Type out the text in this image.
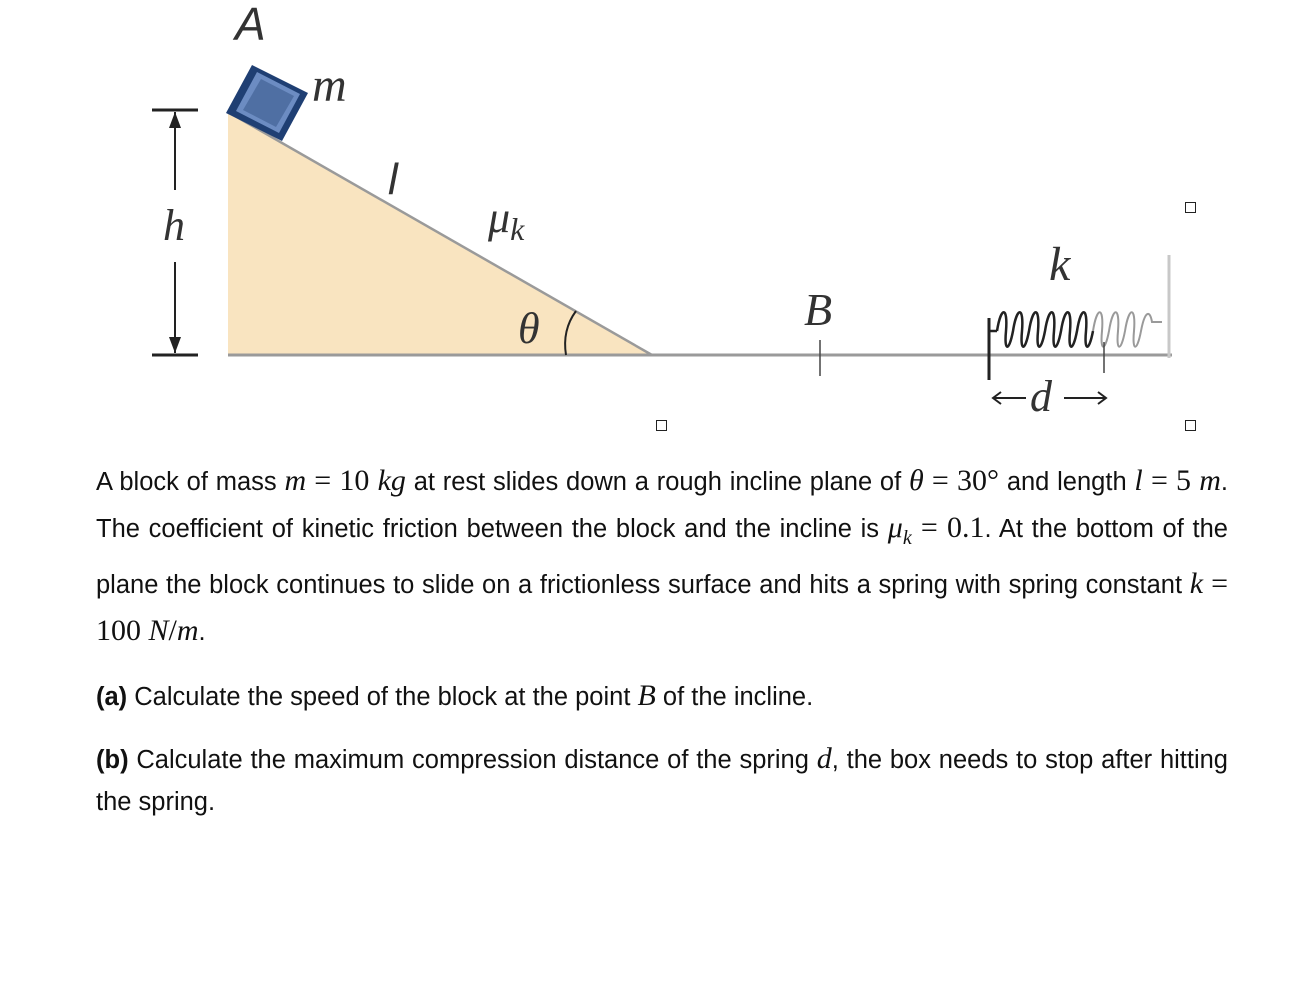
h
A
m
l
μk
θ	B
k
d

A block of mass m = 10 kg at rest slides down a rough incline plane of θ = 30° and length l = 5 m. The coefficient of kinetic friction between the block and the incline is $\mu_k = 0.1$. At the bottom of the plane the block continues to slide on a frictionless surface and hits a spring with spring constant k = 100 N/m.

(a) Calculate the speed of the block at the point B of the incline.

(b) Calculate the maximum compression distance of the spring d, the box needs to stop after hitting the spring.
